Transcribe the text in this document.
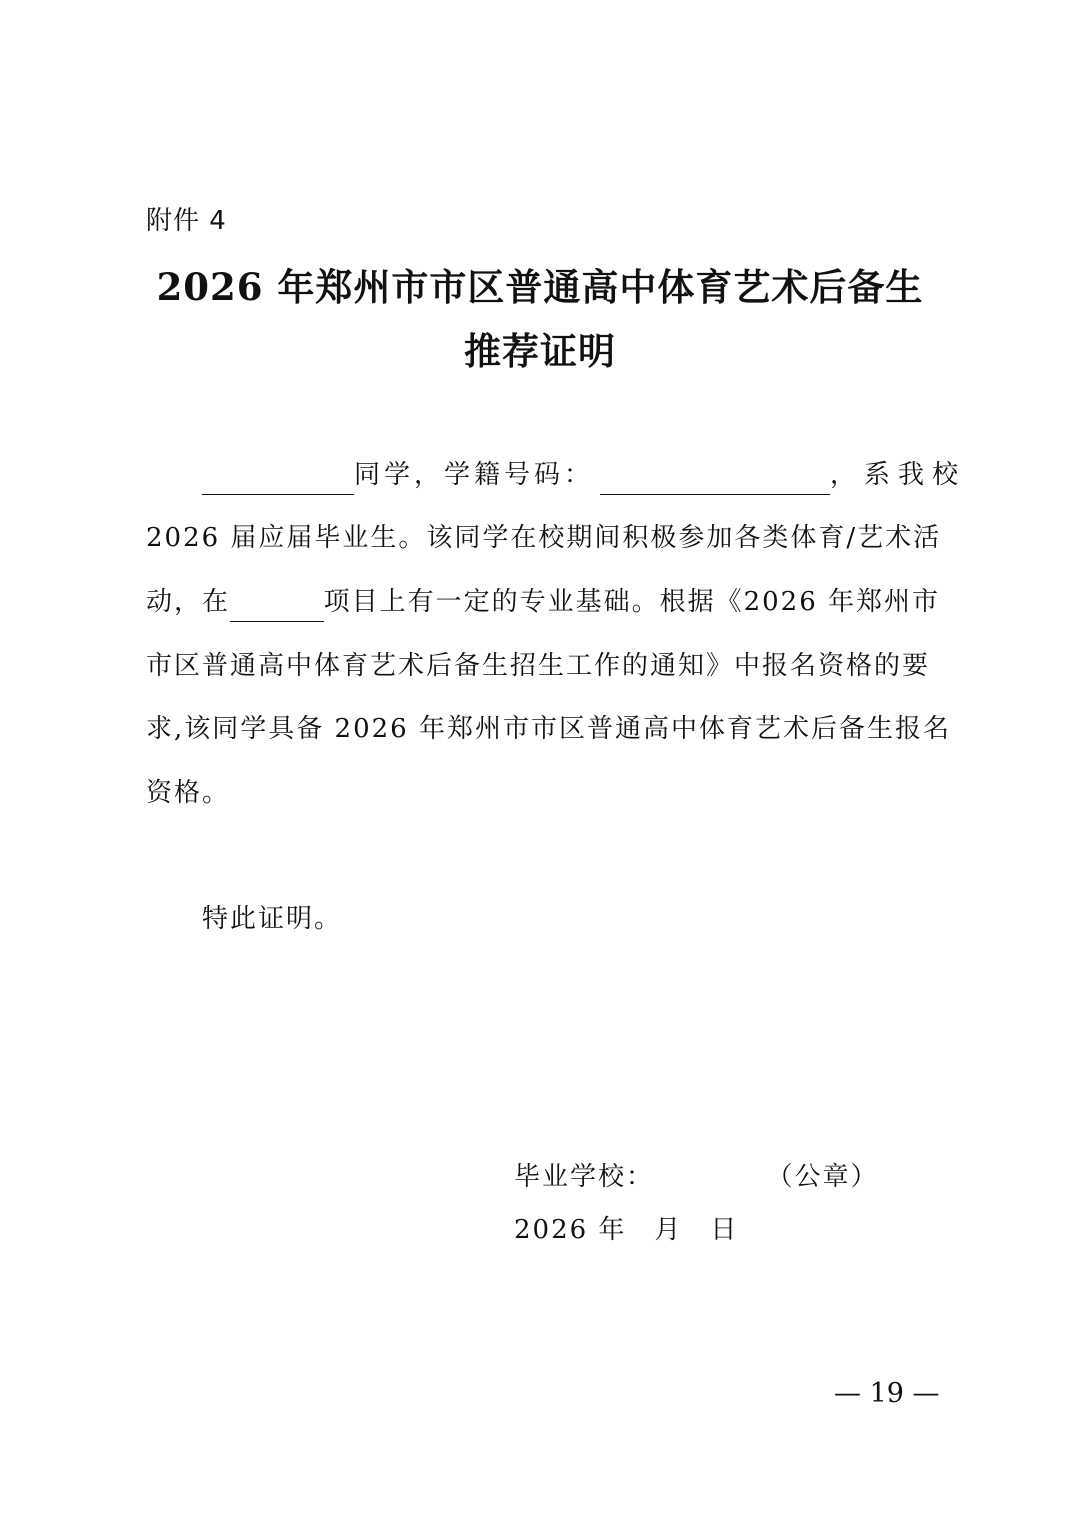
附件 4
2026 年郑州市市区普通高中体育艺术后备生
推荐证明
同学，学籍号码：	，系我校
2026 届应届毕业生。该同学在校期间积极参加各类体育/艺术活
动，在	项目上有一定的专业基础。根据《2026 年郑州市
市区普通高中体育艺术后备生招生工作的通知》中报名资格的要
求,该同学具备 2026 年郑州市市区普通高中体育艺术后备生报名
资格。
特此证明。
毕业学校：	（公章）
2026 年　月　日
— 19 —
